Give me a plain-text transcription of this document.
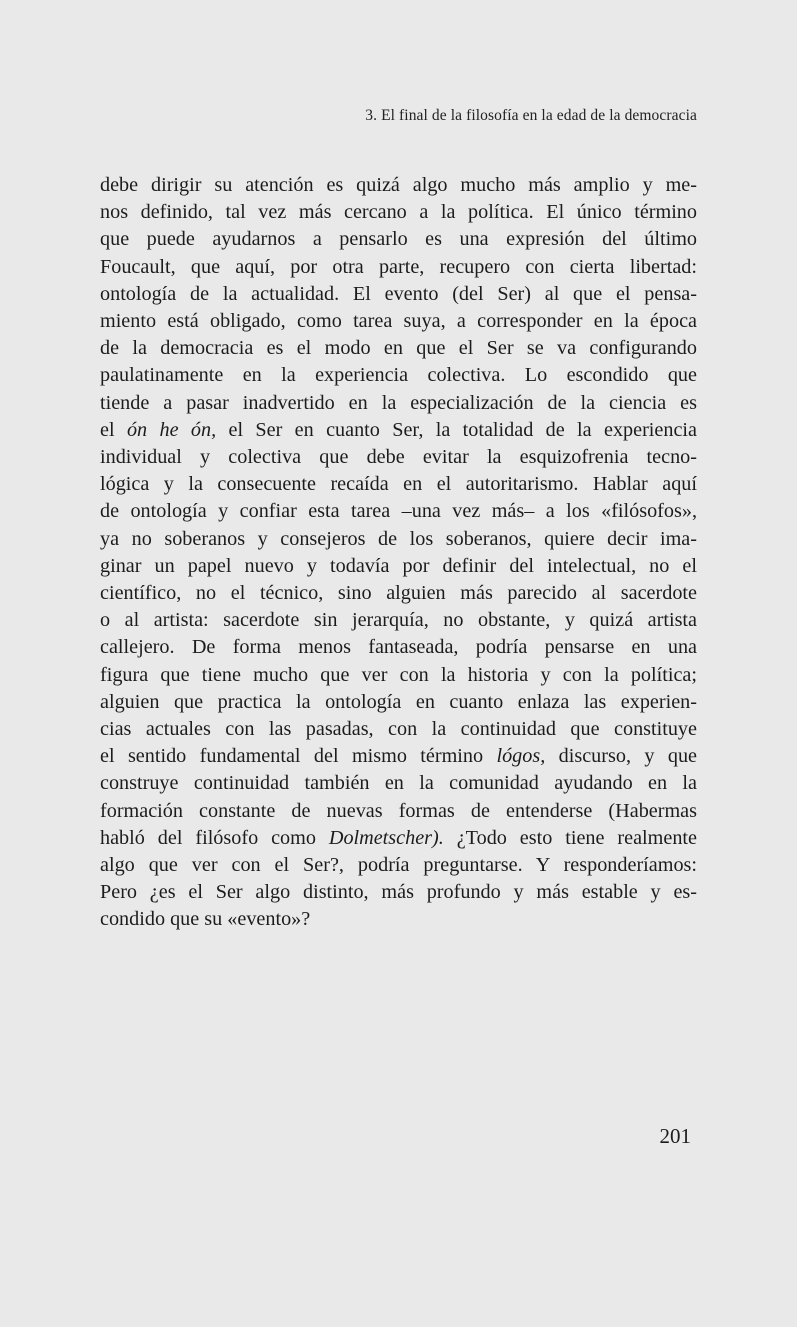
3. El final de la filosofía en la edad de la democracia

debe dirigir su atención es quizá algo mucho más amplio y me-
nos definido, tal vez más cercano a la política. El único término
que puede ayudarnos a pensarlo es una expresión del último
Foucault, que aquí, por otra parte, recupero con cierta libertad:
ontología de la actualidad. El evento (del Ser) al que el pensa-
miento está obligado, como tarea suya, a corresponder en la época
de la democracia es el modo en que el Ser se va configurando
paulatinamente en la experiencia colectiva. Lo escondido que
tiende a pasar inadvertido en la especialización de la ciencia es
el ón he ón, el Ser en cuanto Ser, la totalidad de la experiencia
individual y colectiva que debe evitar la esquizofrenia tecno-
lógica y la consecuente recaída en el autoritarismo. Hablar aquí
de ontología y confiar esta tarea –una vez más– a los «filósofos»,
ya no soberanos y consejeros de los soberanos, quiere decir ima-
ginar un papel nuevo y todavía por definir del intelectual, no el
científico, no el técnico, sino alguien más parecido al sacerdote
o al artista: sacerdote sin jerarquía, no obstante, y quizá artista
callejero. De forma menos fantaseada, podría pensarse en una
figura que tiene mucho que ver con la historia y con la política;
alguien que practica la ontología en cuanto enlaza las experien-
cias actuales con las pasadas, con la continuidad que constituye
el sentido fundamental del mismo término lógos, discurso, y que
construye continuidad también en la comunidad ayudando en la
formación constante de nuevas formas de entenderse (Habermas
habló del filósofo como Dolmetscher). ¿Todo esto tiene realmente
algo que ver con el Ser?, podría preguntarse. Y responderíamos:
Pero ¿es el Ser algo distinto, más profundo y más estable y es-
condido que su «evento»?

201
